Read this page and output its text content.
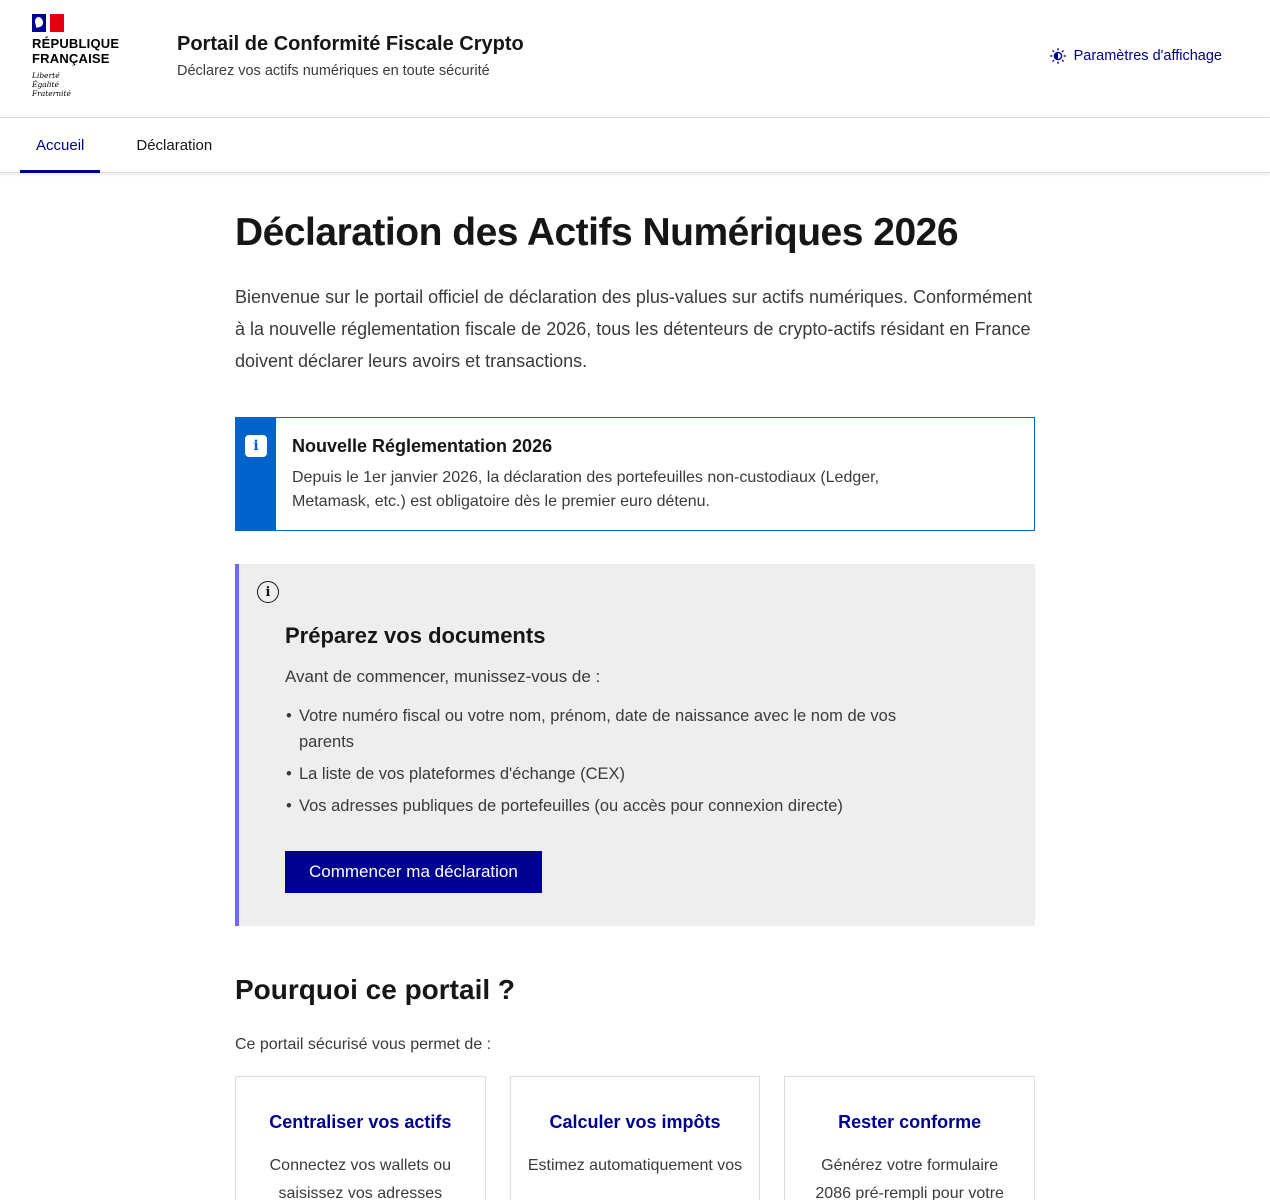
RÉPUBLIQUE
FRANÇAISE
Liberté
Égalité
Fraternité
Portail de Conformité Fiscale Crypto
Déclarez vos actifs numériques en toute sécurité
Paramètres d'affichage
Accueil	Déclaration
Déclaration des Actifs Numériques 2026

Bienvenue sur le portail officiel de déclaration des plus-values sur actifs numériques. Conformément à la nouvelle réglementation fiscale de 2026, tous les détenteurs de crypto-actifs résidant en France doivent déclarer leurs avoirs et transactions.

i	Nouvelle Réglementation 2026
Depuis le 1er janvier 2026, la déclaration des portefeuilles non-custodiaux (Ledger, Metamask, etc.) est obligatoire dès le premier euro détenu.
i
Préparez vos documents

Avant de commencer, munissez-vous de :

• Votre numéro fiscal ou votre nom, prénom, date de naissance avec le nom de vos parents
• La liste de vos plateformes d'échange (CEX)
• Vos adresses publiques de portefeuilles (ou accès pour connexion directe)
Commencer ma déclaration
Pourquoi ce portail ?

Ce portail sécurisé vous permet de :

Centraliser vos actifs
Connectez vos wallets ou saisissez vos adresses
Calculer vos impôts
Estimez automatiquement vos
Rester conforme
Générez votre formulaire 2086 pré-rempli pour votre
